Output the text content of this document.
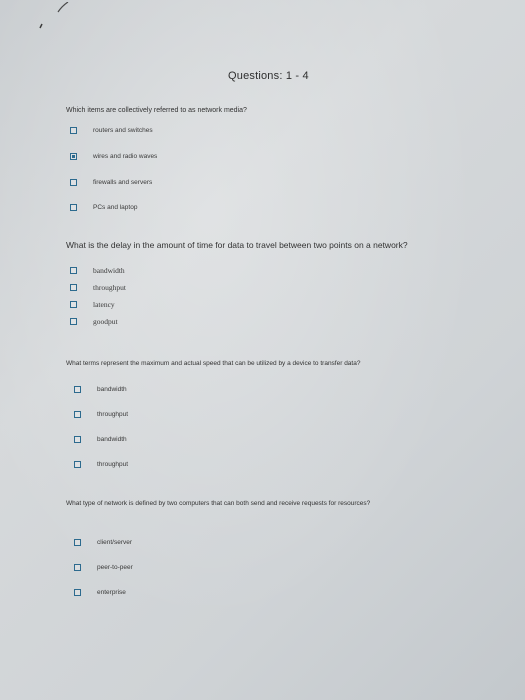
Questions: 1 - 4
Which items are collectively referred to as network media?
routers and switches
wires and radio waves
firewalls and servers
PCs and laptop
What is the delay in the amount of time for data to travel between two points on a network?
bandwidth
throughput
latency
goodput
What terms represent the maximum and actual speed that can be utilized by a device to transfer data?
bandwidth
throughput
bandwidth
throughput
What type of network is defined by two computers that can both send and receive requests for resources?
client/server
peer-to-peer
enterprise
